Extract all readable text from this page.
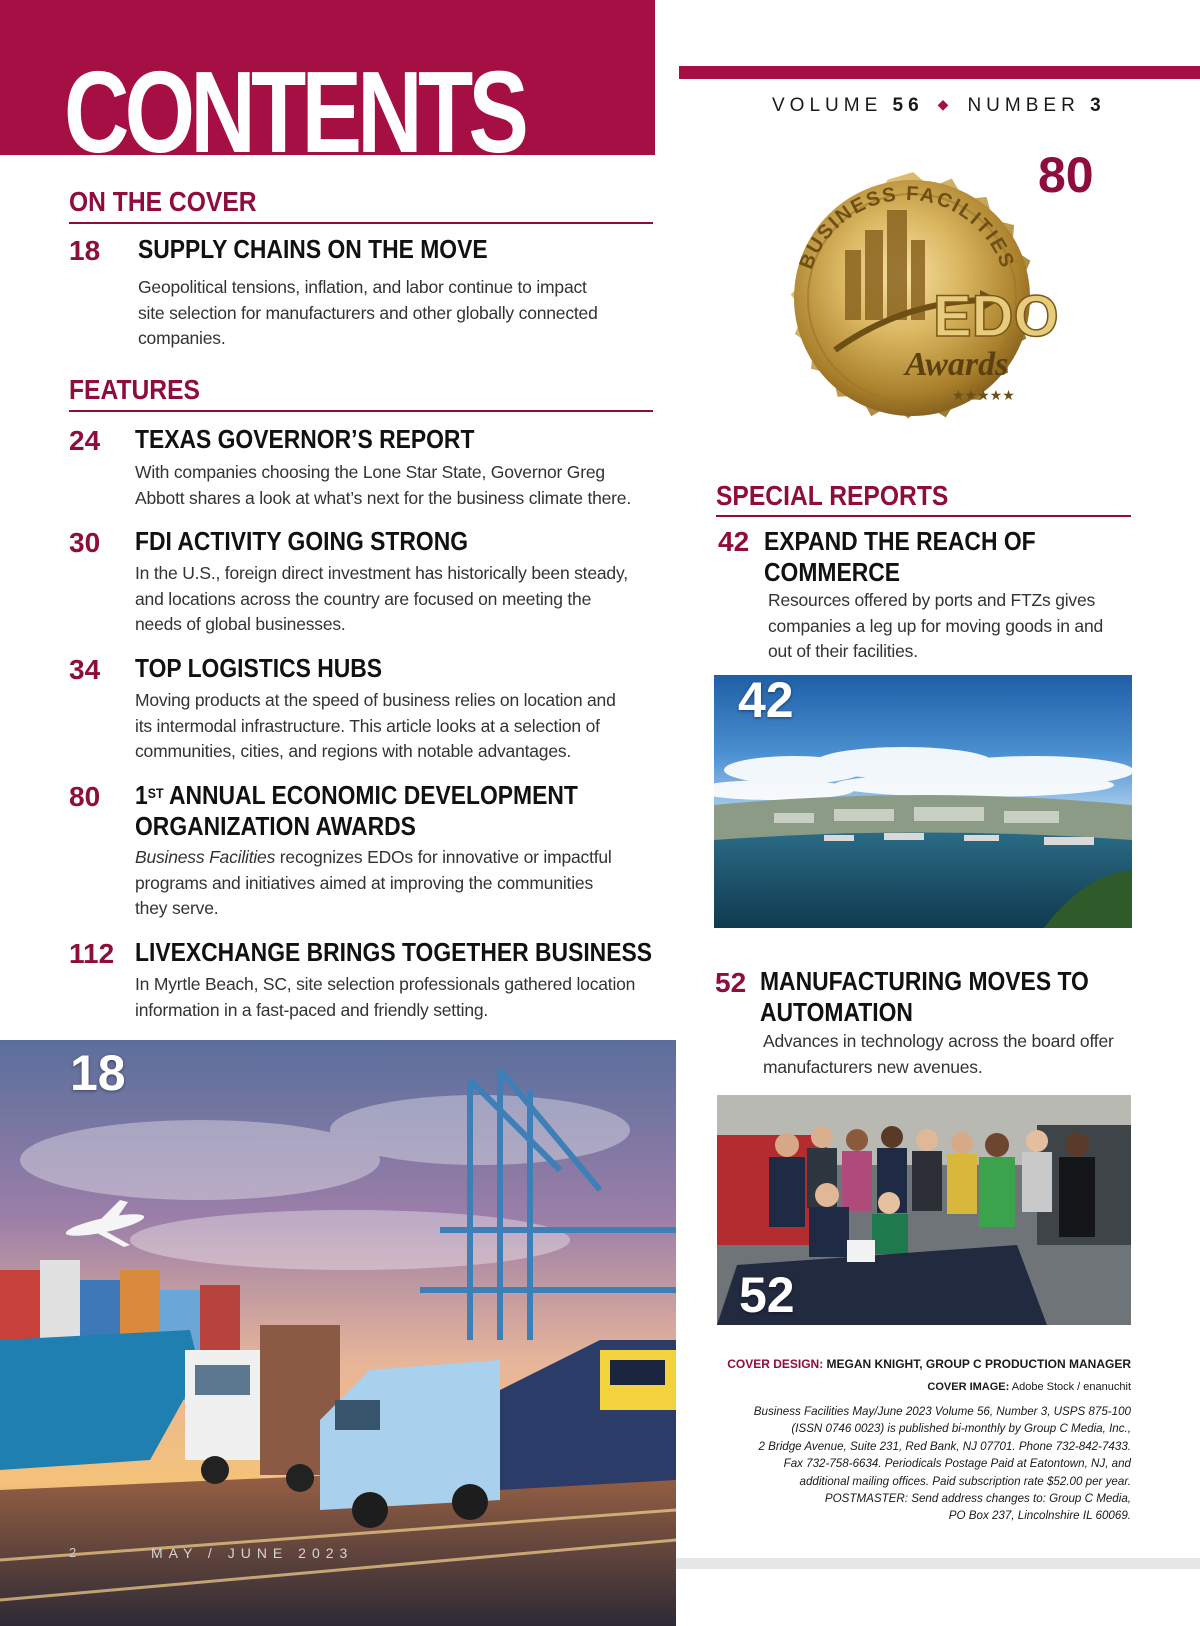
CONTENTS	VOLUME 56 ◆ NUMBER 3
ON THE COVER
18 SUPPLY CHAINS ON THE MOVE
Geopolitical tensions, inflation, and labor continue to impact
site selection for manufacturers and other globally connected
companies.
FEATURES
24 TEXAS GOVERNOR’S REPORT
With companies choosing the Lone Star State, Governor Greg
Abbott shares a look at what’s next for the business climate there.
30 FDI ACTIVITY GOING STRONG
In the U.S., foreign direct investment has historically been steady,
and locations across the country are focused on meeting the
needs of global businesses.
34 TOP LOGISTICS HUBS
Moving products at the speed of business relies on location and
its intermodal infrastructure. This article looks at a selection of
communities, cities, and regions with notable advantages.
80 1ST ANNUAL ECONOMIC DEVELOPMENT
ORGANIZATION AWARDS
Business Facilities recognizes EDOs for innovative or impactful
programs and initiatives aimed at improving the communities
they serve.
112 LIVEXCHANGE BRINGS TOGETHER BUSINESS
In Myrtle Beach, SC, site selection professionals gathered location
information in a fast-paced and friendly setting.
80
BUSINESS FACILITIES
EDO
Awards
★★★★★
SPECIAL REPORTS
42 EXPAND THE REACH OF
COMMERCE
Resources offered by ports and FTZs gives
companies a leg up for moving goods in and
out of their facilities.
42
52 MANUFACTURING MOVES TO
AUTOMATION
Advances in technology across the board offer
manufacturers new avenues.
52
COVER DESIGN: MEGAN KNIGHT, GROUP C PRODUCTION MANAGER
COVER IMAGE: Adobe Stock / enanuchit
Business Facilities May/June 2023 Volume 56, Number 3, USPS 875-100
(ISSN 0746 0023) is published bi-monthly by Group C Media, Inc.,
2 Bridge Avenue, Suite 231, Red Bank, NJ 07701. Phone 732-842-7433.
Fax 732-758-6634. Periodicals Postage Paid at Eatontown, NJ, and
additional mailing offices. Paid subscription rate $52.00 per year.
POSTMASTER: Send address changes to: Group C Media,
PO Box 237, Lincolnshire IL 60069.
18
2	MAY / JUNE 2023
